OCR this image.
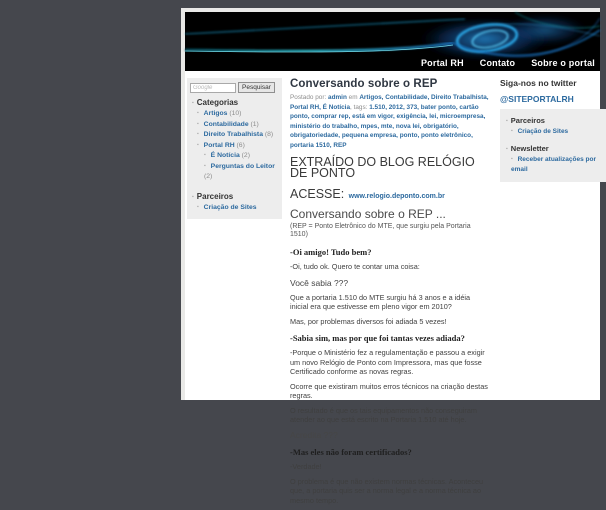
Portal RH Contato Sobre o portal
Google
Pesquisar
▪ Categorias
▪ Artigos (10)
▪ Contabilidade (1)
▪ Direito Trabalhista (8)
▪ Portal RH (6)
▪ É Notícia (2)
▪ Perguntas do Leitor (2)
▪ Parceiros
▪ Criação de Sites
Conversando sobre o REP

Postado por: admin em Artigos, Contabilidade, Direito Trabalhista, Portal RH, É Notícia, tags: 1.510, 2012, 373, bater ponto, cartão ponto, comprar rep, está em vigor, exigência, lei, microempresa, ministério do trabalho, mpes, mte, nova lei, obrigatório, obrigatoriedade, pequena empresa, ponto, ponto eletrônico, portaria 1510, REP

EXTRAÍDO DO BLOG RELÓGIO DE PONTO
ACESSE: www.relogio.deponto.com.br
Conversando sobre o REP ...
(REP = Ponto Eletrônico do MTE, que surgiu pela Portaria 1510)
-Oi amigo! Tudo bem?

-Oi, tudo ok. Quero te contar uma coisa:

Você sabia ???

Que a portaria 1.510 do MTE surgiu há 3 anos e a idéia inicial era que estivesse em pleno vigor em 2010?

Mas, por problemas diversos foi adiada 5 vezes!

-Sabia sim, mas por que foi tantas vezes adiada?

-Porque o Ministério fez a regulamentação e passou a exigir um novo Relógio de Ponto com Impressora, mas que fosse Certificado conforme as novas regras.

Ocorre que existiram muitos erros técnicos na criação destas regras.

O resultado é que os tais equipamentos não conseguiram atender ao que está escrito na Portaria 1.510 até hoje.

Acredita ???
-Mas eles não foram certificados?

-Verdade!

O problema é que não existem normas técnicas. Aconteceu que, a portaria quis ser a norma legal e a norma técnica ao mesmo tempo.

Siga-nos no twitter
@SITEPORTALRH
▪ Parceiros
▪ Criação de Sites
▪ Newsletter
▪ Receber atualizações por email
